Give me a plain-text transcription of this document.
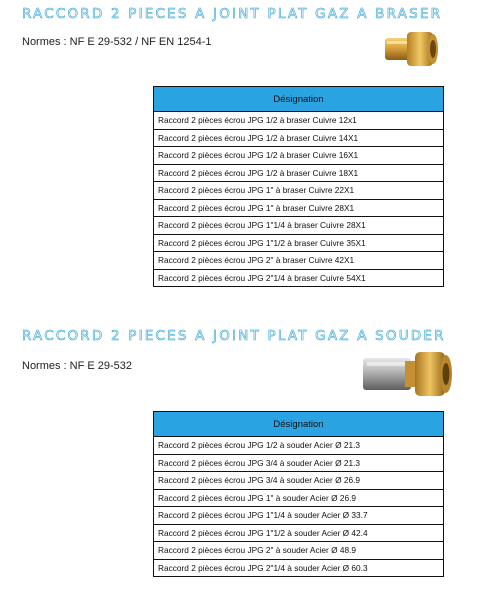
RACCORD 2 PIECES A JOINT PLAT GAZ A BRASER
Normes : NF E 29-532 / NF EN 1254-1
Désignation
Raccord 2 pièces écrou JPG 1/2 à braser Cuivre 12x1
Raccord 2 pièces écrou JPG 1/2 à braser Cuivre 14X1
Raccord 2 pièces écrou JPG 1/2 à braser Cuivre 16X1
Raccord 2 pièces écrou JPG 1/2 à braser Cuivre 18X1
Raccord 2 pièces écrou JPG 1" à braser Cuivre 22X1
Raccord 2 pièces écrou JPG 1" à braser Cuivre 28X1
Raccord 2 pièces écrou JPG 1"1/4 à braser Cuivre 28X1
Raccord 2 pièces écrou JPG 1"1/2 à braser Cuivre 35X1
Raccord 2 pièces écrou JPG 2" à braser Cuivre 42X1
Raccord 2 pièces écrou JPG 2"1/4 à braser Cuivre 54X1
RACCORD 2 PIECES A JOINT PLAT GAZ A SOUDER
Normes : NF E 29-532
Désignation
Raccord 2 pièces écrou JPG 1/2 à souder Acier Ø 21.3
Raccord 2 pièces écrou JPG 3/4 à souder Acier Ø 21.3
Raccord 2 pièces écrou JPG 3/4 à souder Acier Ø 26.9
Raccord 2 pièces écrou JPG 1" à souder Acier Ø 26.9
Raccord 2 pièces écrou JPG 1"1/4 à souder Acier Ø 33.7
Raccord 2 pièces écrou JPG 1"1/2 à souder Acier Ø 42.4
Raccord 2 pièces écrou JPG 2" à souder Acier Ø 48.9
Raccord 2 pièces écrou JPG 2"1/4 à souder Acier Ø 60.3
